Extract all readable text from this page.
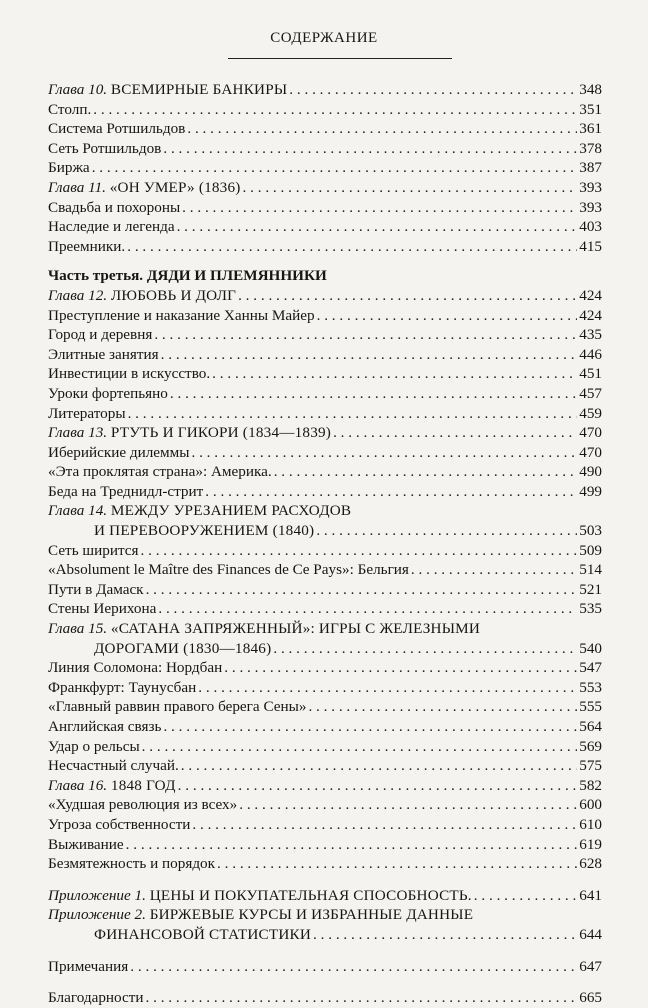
СОДЕРЖАНИЕ
Глава 10. ВСЕМИРНЫЕ БАНКИРЫ . . .	348
Столп. . . .	351
Система Ротшильдов . . .	361
Сеть Ротшильдов . . .	378
Биржа . . .	387
Глава 11. «ОН УМЕР» (1836) . . .	393
Свадьба и похороны . . .	393
Наследие и легенда . . .	403
Преемники. . . .	415
Часть третья. ДЯДИ И ПЛЕМЯННИКИ
Глава 12. ЛЮБОВЬ И ДОЛГ . . .	424
Преступление и наказание Ханны Майер . . .	424
Город и деревня . . .	435
Элитные занятия . . .	446
Инвестиции в искусство. . . .	451
Уроки фортепьяно . . .	457
Литераторы . . .	459
Глава 13. РТУТЬ И ГИКОРИ (1834—1839) . . .	470
Иберийские дилеммы . . .	470
«Эта проклятая страна»: Америка. . . .	490
Беда на Треднидл-стрит . . .	499
Глава 14. МЕЖДУ УРЕЗАНИЕМ РАСХОДОВ
И ПЕРЕВООРУЖЕНИЕМ (1840) . . .	503
Сеть ширится . . .	509
«Absolument le Maître des Finances de Ce Pays»: Бельгия . . .	514
Пути в Дамаск . . .	521
Стены Иерихона . . .	535
Глава 15. «САТАНА ЗАПРЯЖЕННЫЙ»: ИГРЫ С ЖЕЛЕЗНЫМИ
ДОРОГАМИ (1830—1846) . . .	540
Линия Соломона: Нордбан . . .	547
Франкфурт: Таунусбан . . .	553
«Главный раввин правого берега Сены» . . .	555
Английская связь . . .	564
Удар о рельсы . . .	569
Несчастный случай. . . .	575
Глава 16. 1848 ГОД . . .	582
«Худшая революция из всех» . . .	600
Угроза собственности . . .	610
Выживание . . .	619
Безмятежность и порядок . . .	628
Приложение 1. ЦЕНЫ И ПОКУПАТЕЛЬНАЯ СПОСОБНОСТЬ. . . .	641
Приложение 2. БИРЖЕВЫЕ КУРСЫ И ИЗБРАННЫЕ ДАННЫЕ
ФИНАНСОВОЙ СТАТИСТИКИ . . .	644
Примечания . . .	647
Благодарности . . .	665
